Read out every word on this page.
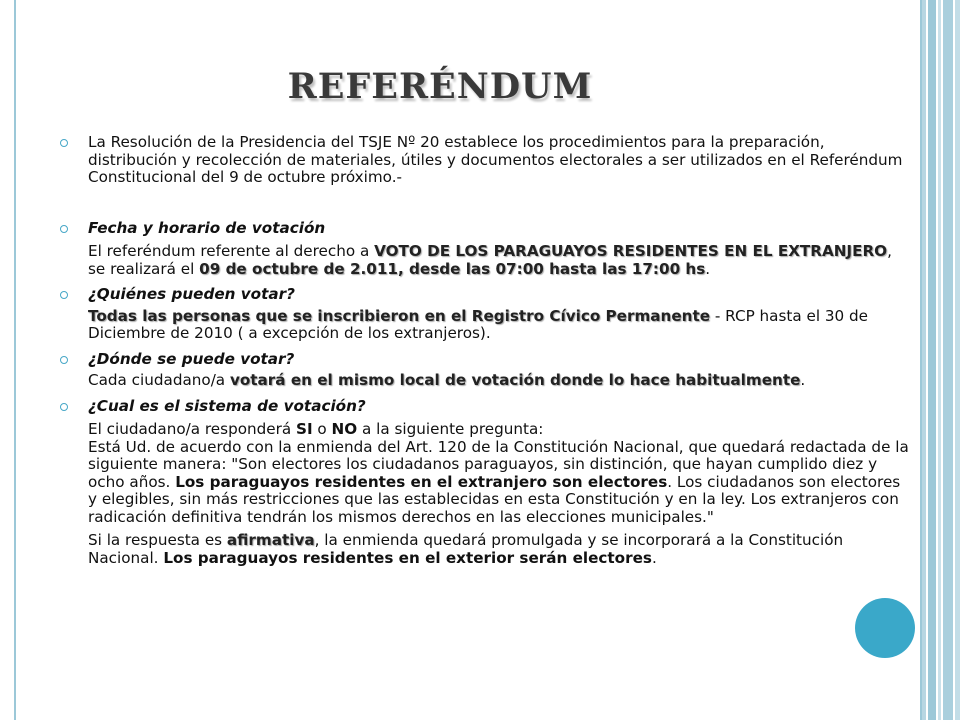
REFERÉNDUM
La Resolución de la Presidencia del TSJE Nº 20 establece los procedimientos para la preparación, distribución y recolección de materiales, útiles y documentos electorales a ser utilizados en el Referéndum Constitucional del 9 de octubre próximo.-
Fecha y horario de votación
El referéndum referente al derecho a VOTO DE LOS PARAGUAYOS RESIDENTES EN EL EXTRANJERO, se realizará el 09 de octubre de 2.011, desde las 07:00 hasta las 17:00 hs.
¿Quiénes pueden votar?
Todas las personas que se inscribieron en el Registro Cívico Permanente - RCP hasta el 30 de Diciembre de 2010 ( a excepción de los extranjeros).
¿Dónde se puede votar?
Cada ciudadano/a votará en el mismo local de votación donde lo hace habitualmente.
¿Cual es el sistema de votación?
El ciudadano/a responderá SI o NO a la siguiente pregunta:
Está Ud. de acuerdo con la enmienda del Art. 120 de la Constitución Nacional, que quedará redactada de la siguiente manera: "Son electores los ciudadanos paraguayos, sin distinción, que hayan cumplido diez y ocho años. Los paraguayos residentes en el extranjero son electores. Los ciudadanos son electores y elegibles, sin más restricciones que las establecidas en esta Constitución y en la ley. Los extranjeros con radicación definitiva tendrán los mismos derechos en las elecciones municipales."
Si la respuesta es afirmativa, la enmienda quedará promulgada y se incorporará a la Constitución Nacional. Los paraguayos residentes en el exterior serán electores.
